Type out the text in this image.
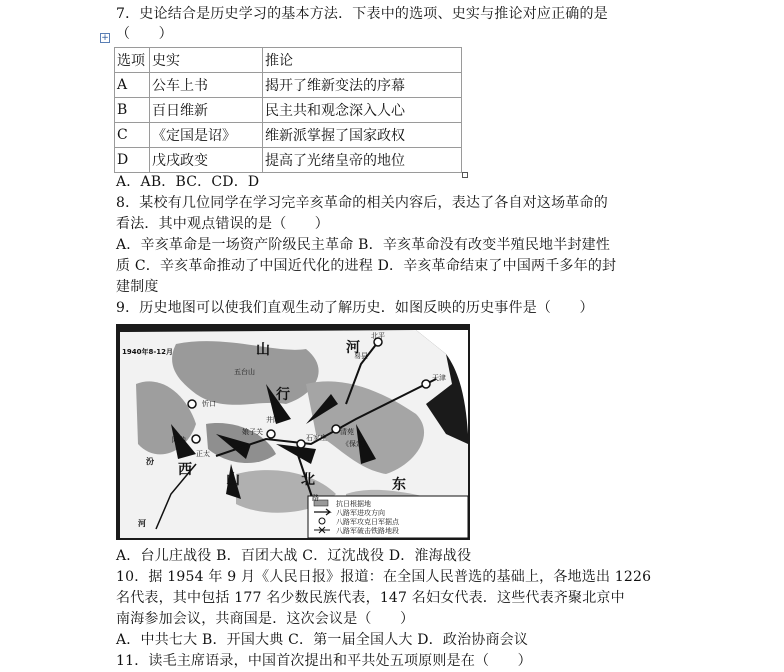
7．史论结合是历史学习的基本方法．下表中的选项、史实与推论对应正确的是
+ （　　）
选项	史实	推论
A	公车上书	揭开了维新变法的序幕
B	百日维新	民主共和观念深入人心
C	《定国是诏》	维新派掌握了国家政权
D	戊戌政变	提高了光绪皇帝的地位
A．AB．BC．CD．D
8．某校有几位同学在学习完辛亥革命的相关内容后，表达了各自对这场革命的
看法．其中观点错误的是（　　）
A．辛亥革命是一场资产阶级民主革命 B．辛亥革命没有改变半殖民地半封建性
质 C．辛亥革命推动了中国近代化的进程 D．辛亥革命结束了中国两千多年的封
建制度
9．历史地图可以使我们直观生动了解历史．如图反映的历史事件是（　　）
1940年8-12月
北平
易县
天津
五台山
清苑
《保定》
忻口
阳曲
娘子关
井陉
石家庄
正太
路
山	河
行
北
西
山	东
汾
河
抗日根据地
八路军进攻方向
八路军攻克日军据点
八路军破击铁路地段
A．台儿庄战役 B．百团大战 C．辽沈战役 D．淮海战役
10．据 1954 年 9 月《人民日报》报道：在全国人民普选的基础上，各地选出 1226
名代表，其中包括 177 名少数民族代表，147 名妇女代表．这些代表齐聚北京中
南海参加会议，共商国是．这次会议是（　　）
A．中共七大 B．开国大典 C．第一届全国人大 D．政治协商会议
11．读毛主席语录，中国首次提出和平共处五项原则是在（　　）
